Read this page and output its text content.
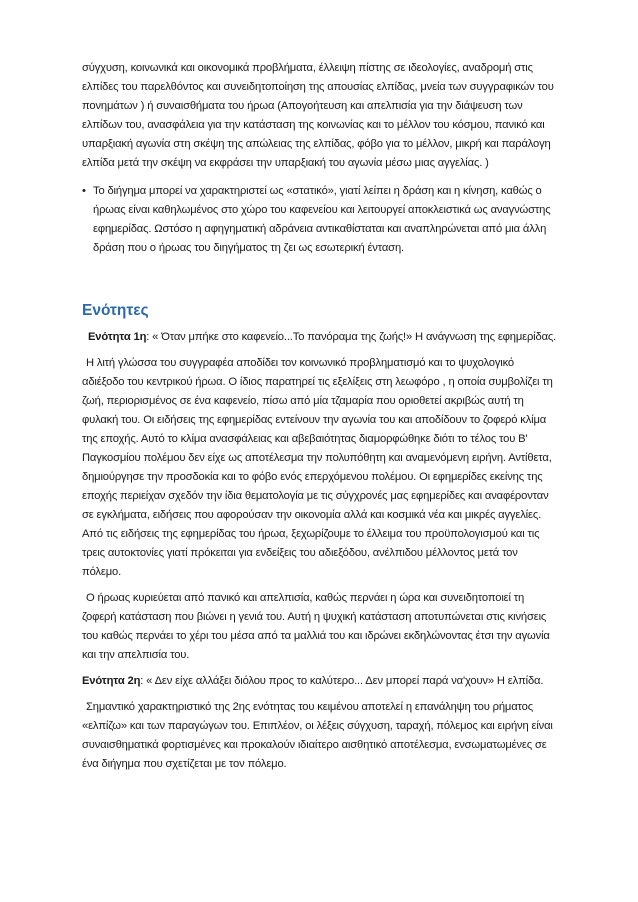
σύγχυση, κοινωνικά και οικονομικά προβλήματα, έλλειψη πίστης σε ιδεολογίες, αναδρομή στις ελπίδες του παρελθόντος και συνειδητοποίηση της απουσίας ελπίδας, μνεία των συγγραφικών του πονημάτων ) ή συναισθήματα του ήρωα (Απογοήτευση και απελπισία για την διάψευση των ελπίδων του, ανασφάλεια για την κατάσταση της κοινωνίας και το μέλλον του κόσμου, πανικό και υπαρξιακή αγωνία στη σκέψη της απώλειας της ελπίδας, φόβο για το μέλλον, μικρή και παράλογη ελπίδα μετά την σκέψη να εκφράσει την υπαρξιακή του αγωνία μέσω μιας αγγελίας. )

• Το διήγημα μπορεί να χαρακτηριστεί ως «στατικό», γιατί λείπει η δράση και η κίνηση, καθώς ο ήρωας είναι καθηλωμένος στο χώρο του καφενείου και λειτουργεί αποκλειστικά ως αναγνώστης εφημερίδας. Ωστόσο η αφηγηματική αδράνεια αντικαθίσταται και αναπληρώνεται από μια άλλη δράση που ο ήρωας του διηγήματος τη ζει ως εσωτερική ένταση.

Ενότητες

Ενότητα 1η: « Όταν μπήκε στο καφενείο...Το πανόραμα της ζωής!» Η ανάγνωση της εφημερίδας.

Η λιτή γλώσσα του συγγραφέα αποδίδει τον κοινωνικό προβληματισμό και το ψυχολογικό αδιέξοδο του κεντρικού ήρωα. Ο ίδιος παρατηρεί τις εξελίξεις στη λεωφόρο , η οποία συμβολίζει τη ζωή, περιορισμένος σε ένα καφενείο, πίσω από μία τζαμαρία που οριοθετεί ακριβώς αυτή τη φυλακή του. Οι ειδήσεις της εφημερίδας εντείνουν την αγωνία του και αποδίδουν το ζοφερό κλίμα της εποχής. Αυτό το κλίμα ανασφάλειας και αβεβαιότητας διαμορφώθηκε διότι το τέλος του Β' Παγκοσμίου πολέμου δεν είχε ως αποτέλεσμα την πολυπόθητη και αναμενόμενη ειρήνη. Αντίθετα, δημιούργησε την προσδοκία και το φόβο ενός επερχόμενου πολέμου. Οι εφημερίδες εκείνης της εποχής περιείχαν σχεδόν την ίδια θεματολογία με τις σύγχρονές μας εφημερίδες και αναφέρονταν σε εγκλήματα, ειδήσεις που αφορούσαν την οικονομία αλλά και κοσμικά νέα και μικρές αγγελίες. Από τις ειδήσεις της εφημερίδας του ήρωα, ξεχωρίζουμε το έλλειμα του προϋπολογισμού και τις τρεις αυτοκτονίες γιατί πρόκειται για ενδείξεις του αδιεξόδου, ανέλπιδου μέλλοντος μετά τον πόλεμο.

Ο ήρωας κυριεύεται από πανικό και απελπισία, καθώς περνάει η ώρα και συνειδητοποιεί τη ζοφερή κατάσταση που βιώνει η γενιά του. Αυτή η ψυχική κατάσταση αποτυπώνεται στις κινήσεις του καθώς περνάει το χέρι του μέσα από τα μαλλιά του και ιδρώνει εκδηλώνοντας έτσι την αγωνία και την απελπισία του.

Ενότητα 2η: « Δεν είχε αλλάξει διόλου προς το καλύτερο... Δεν μπορεί παρά να'χουν» Η ελπίδα.

Σημαντικό χαρακτηριστικό της 2ης ενότητας του κειμένου αποτελεί η επανάληψη του ρήματος «ελπίζω» και των παραγώγων του. Επιπλέον, οι λέξεις σύγχυση, ταραχή, πόλεμος και ειρήνη είναι συναισθηματικά φορτισμένες και προκαλούν ιδιαίτερο αισθητικό αποτέλεσμα, ενσωματωμένες σε ένα διήγημα που σχετίζεται με τον πόλεμο.
